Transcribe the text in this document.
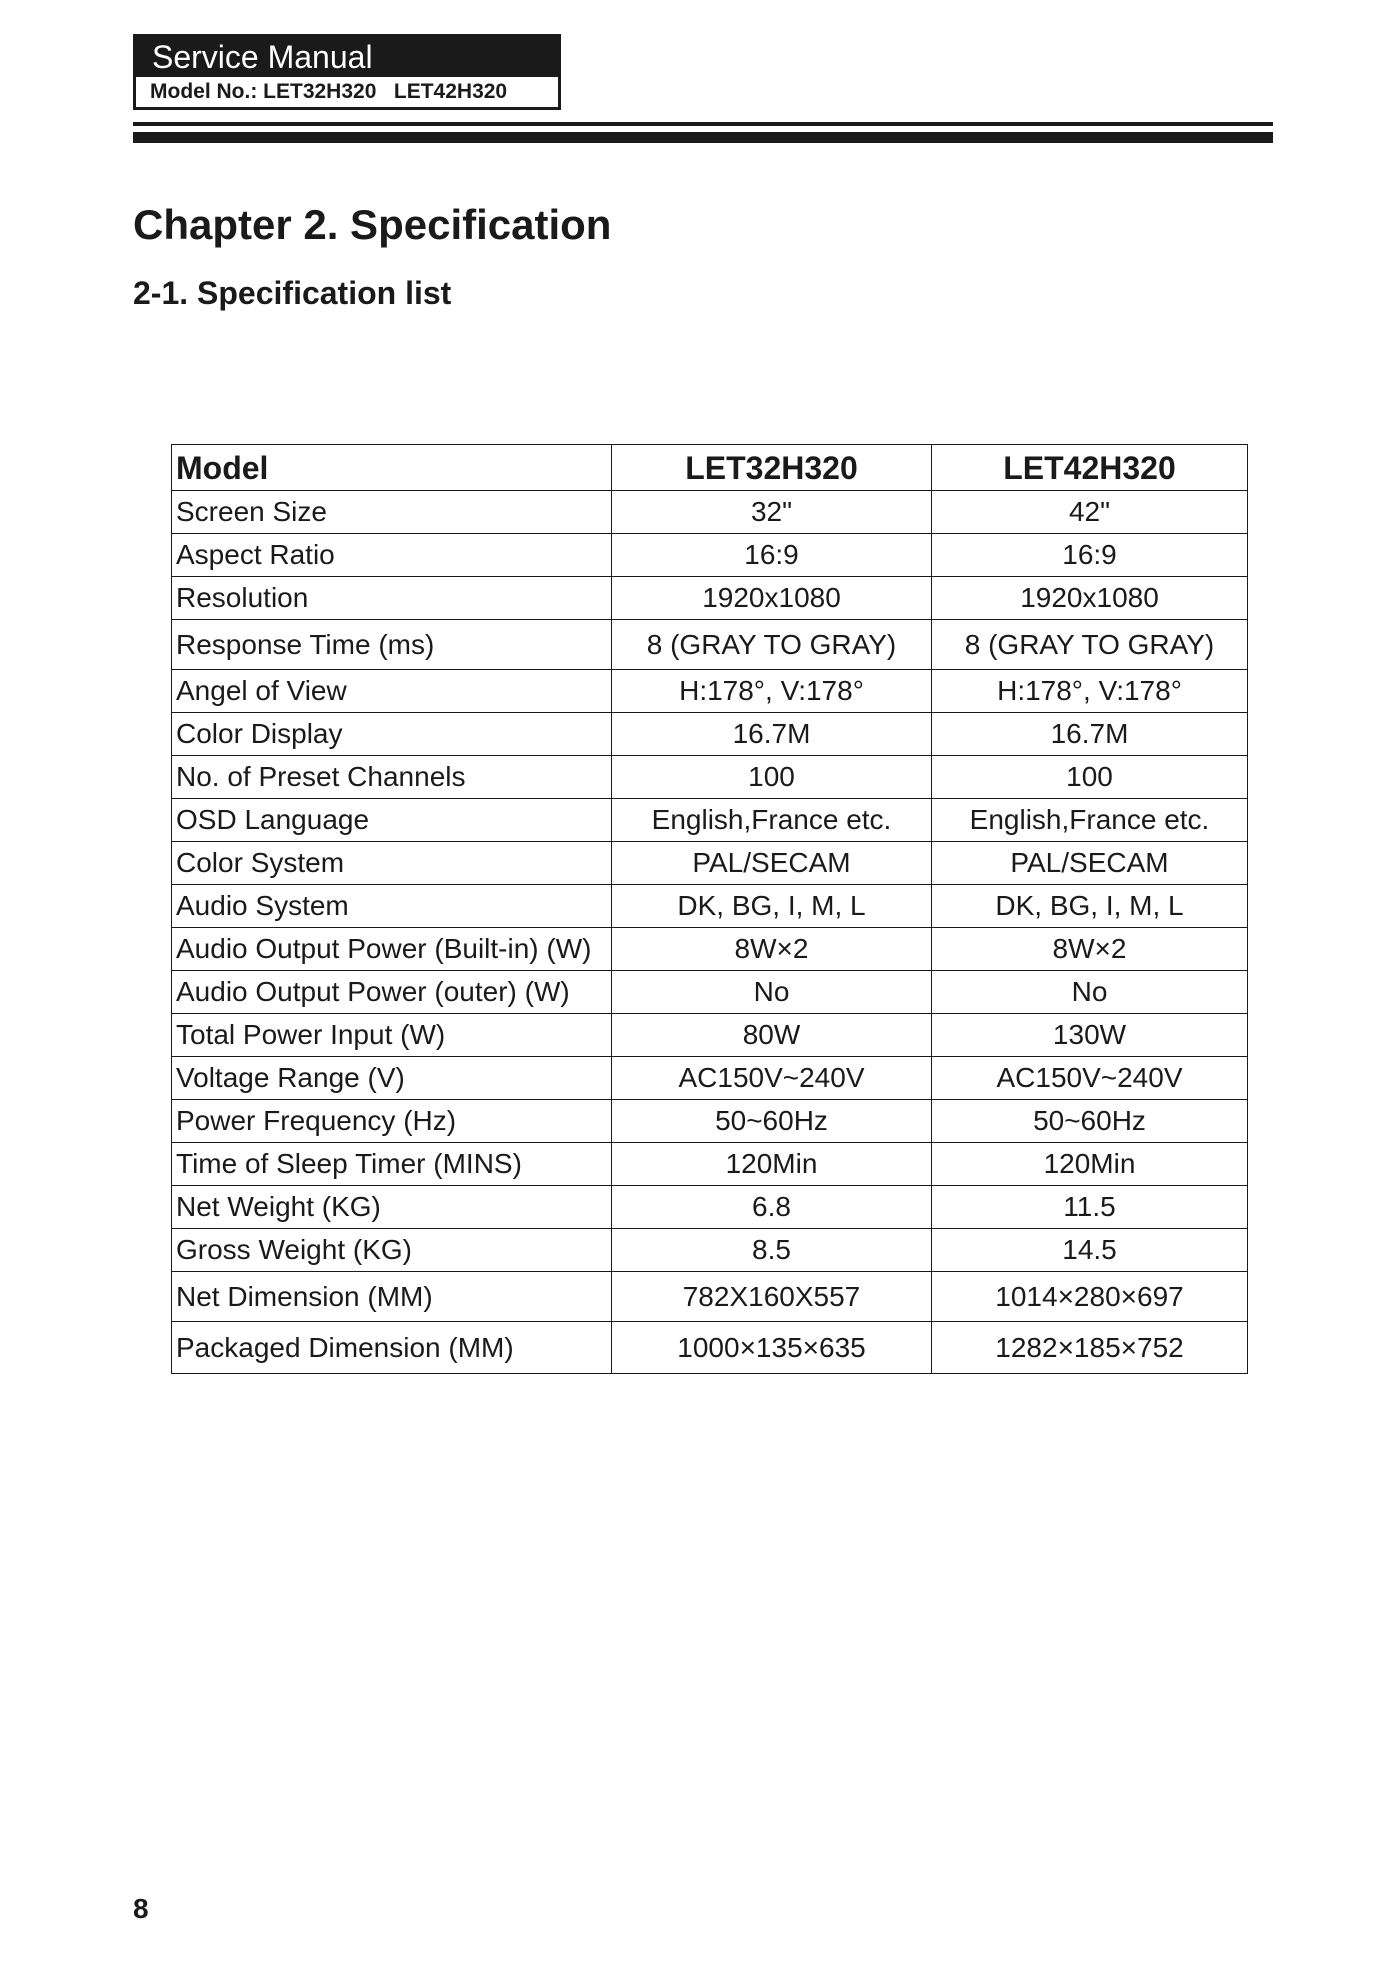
Service Manual
Model No.: LET32H320   LET42H320
Chapter 2. Specification
2-1. Specification list
Model	LET32H320	LET42H320
Screen Size	32"	42"
Aspect Ratio	16:9	16:9
Resolution	1920x1080	1920x1080
Response Time (ms)	8 (GRAY TO GRAY)	8 (GRAY TO GRAY)
Angel of View	H:178°, V:178°	H:178°, V:178°
Color Display	16.7M	16.7M
No. of Preset Channels	100	100
OSD Language	English,France etc.	English,France etc.
Color System	PAL/SECAM	PAL/SECAM
Audio System	DK, BG, I, M, L	DK, BG, I, M, L
Audio Output Power (Built-in) (W)	8W×2	8W×2
Audio Output Power (outer) (W)	No	No
Total Power Input (W)	80W	130W
Voltage Range (V)	AC150V~240V	AC150V~240V
Power Frequency (Hz)	50~60Hz	50~60Hz
Time of Sleep Timer (MINS)	120Min	120Min
Net Weight (KG)	6.8	11.5
Gross Weight (KG)	8.5	14.5
Net Dimension (MM)	782X160X557	1014×280×697
Packaged Dimension (MM)	1000×135×635	1282×185×752
8
